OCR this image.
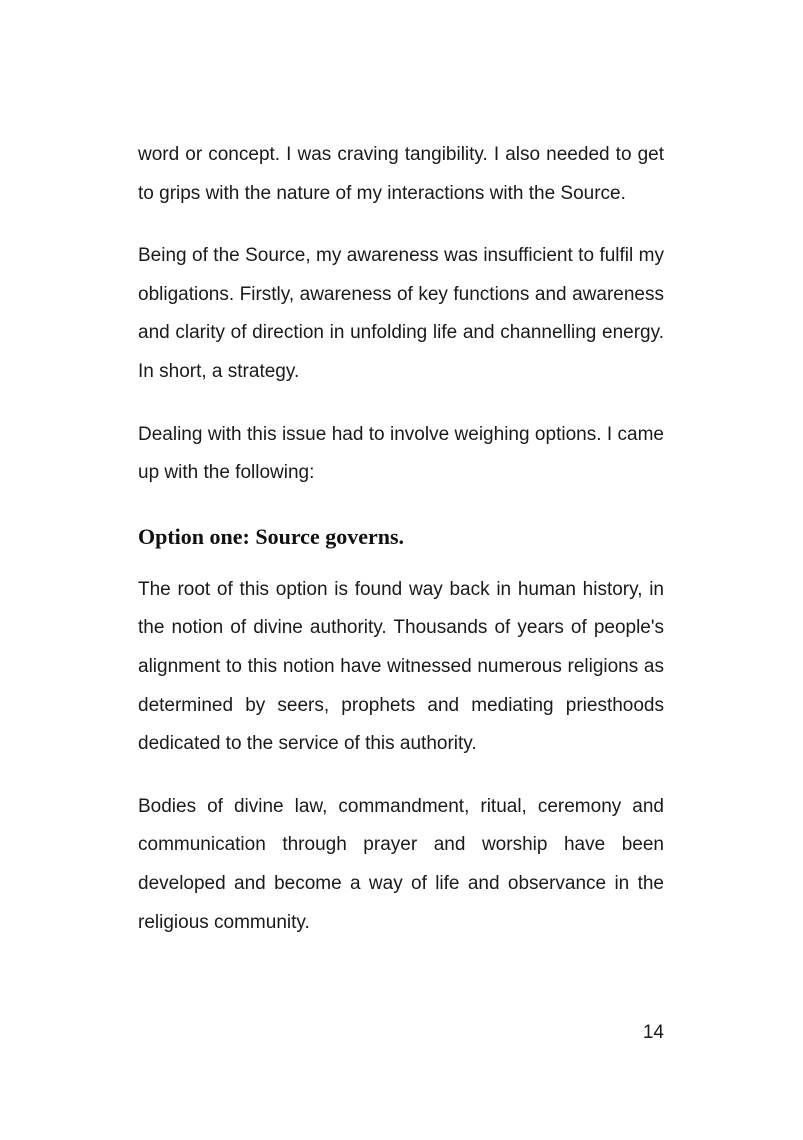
word or concept. I was craving tangibility. I also needed to get to grips with the nature of my interactions with the Source.

Being of the Source, my awareness was insufficient to fulfil my obligations. Firstly, awareness of key functions and awareness and clarity of direction in unfolding life and channelling energy. In short, a strategy.

Dealing with this issue had to involve weighing options. I came up with the following:

Option one: Source governs.

The root of this option is found way back in human history, in the notion of divine authority. Thousands of years of people's alignment to this notion have witnessed numerous religions as determined by seers, prophets and mediating priesthoods dedicated to the service of this authority.

Bodies of divine law, commandment, ritual, ceremony and communication through prayer and worship have been developed and become a way of life and observance in the religious community.

14
